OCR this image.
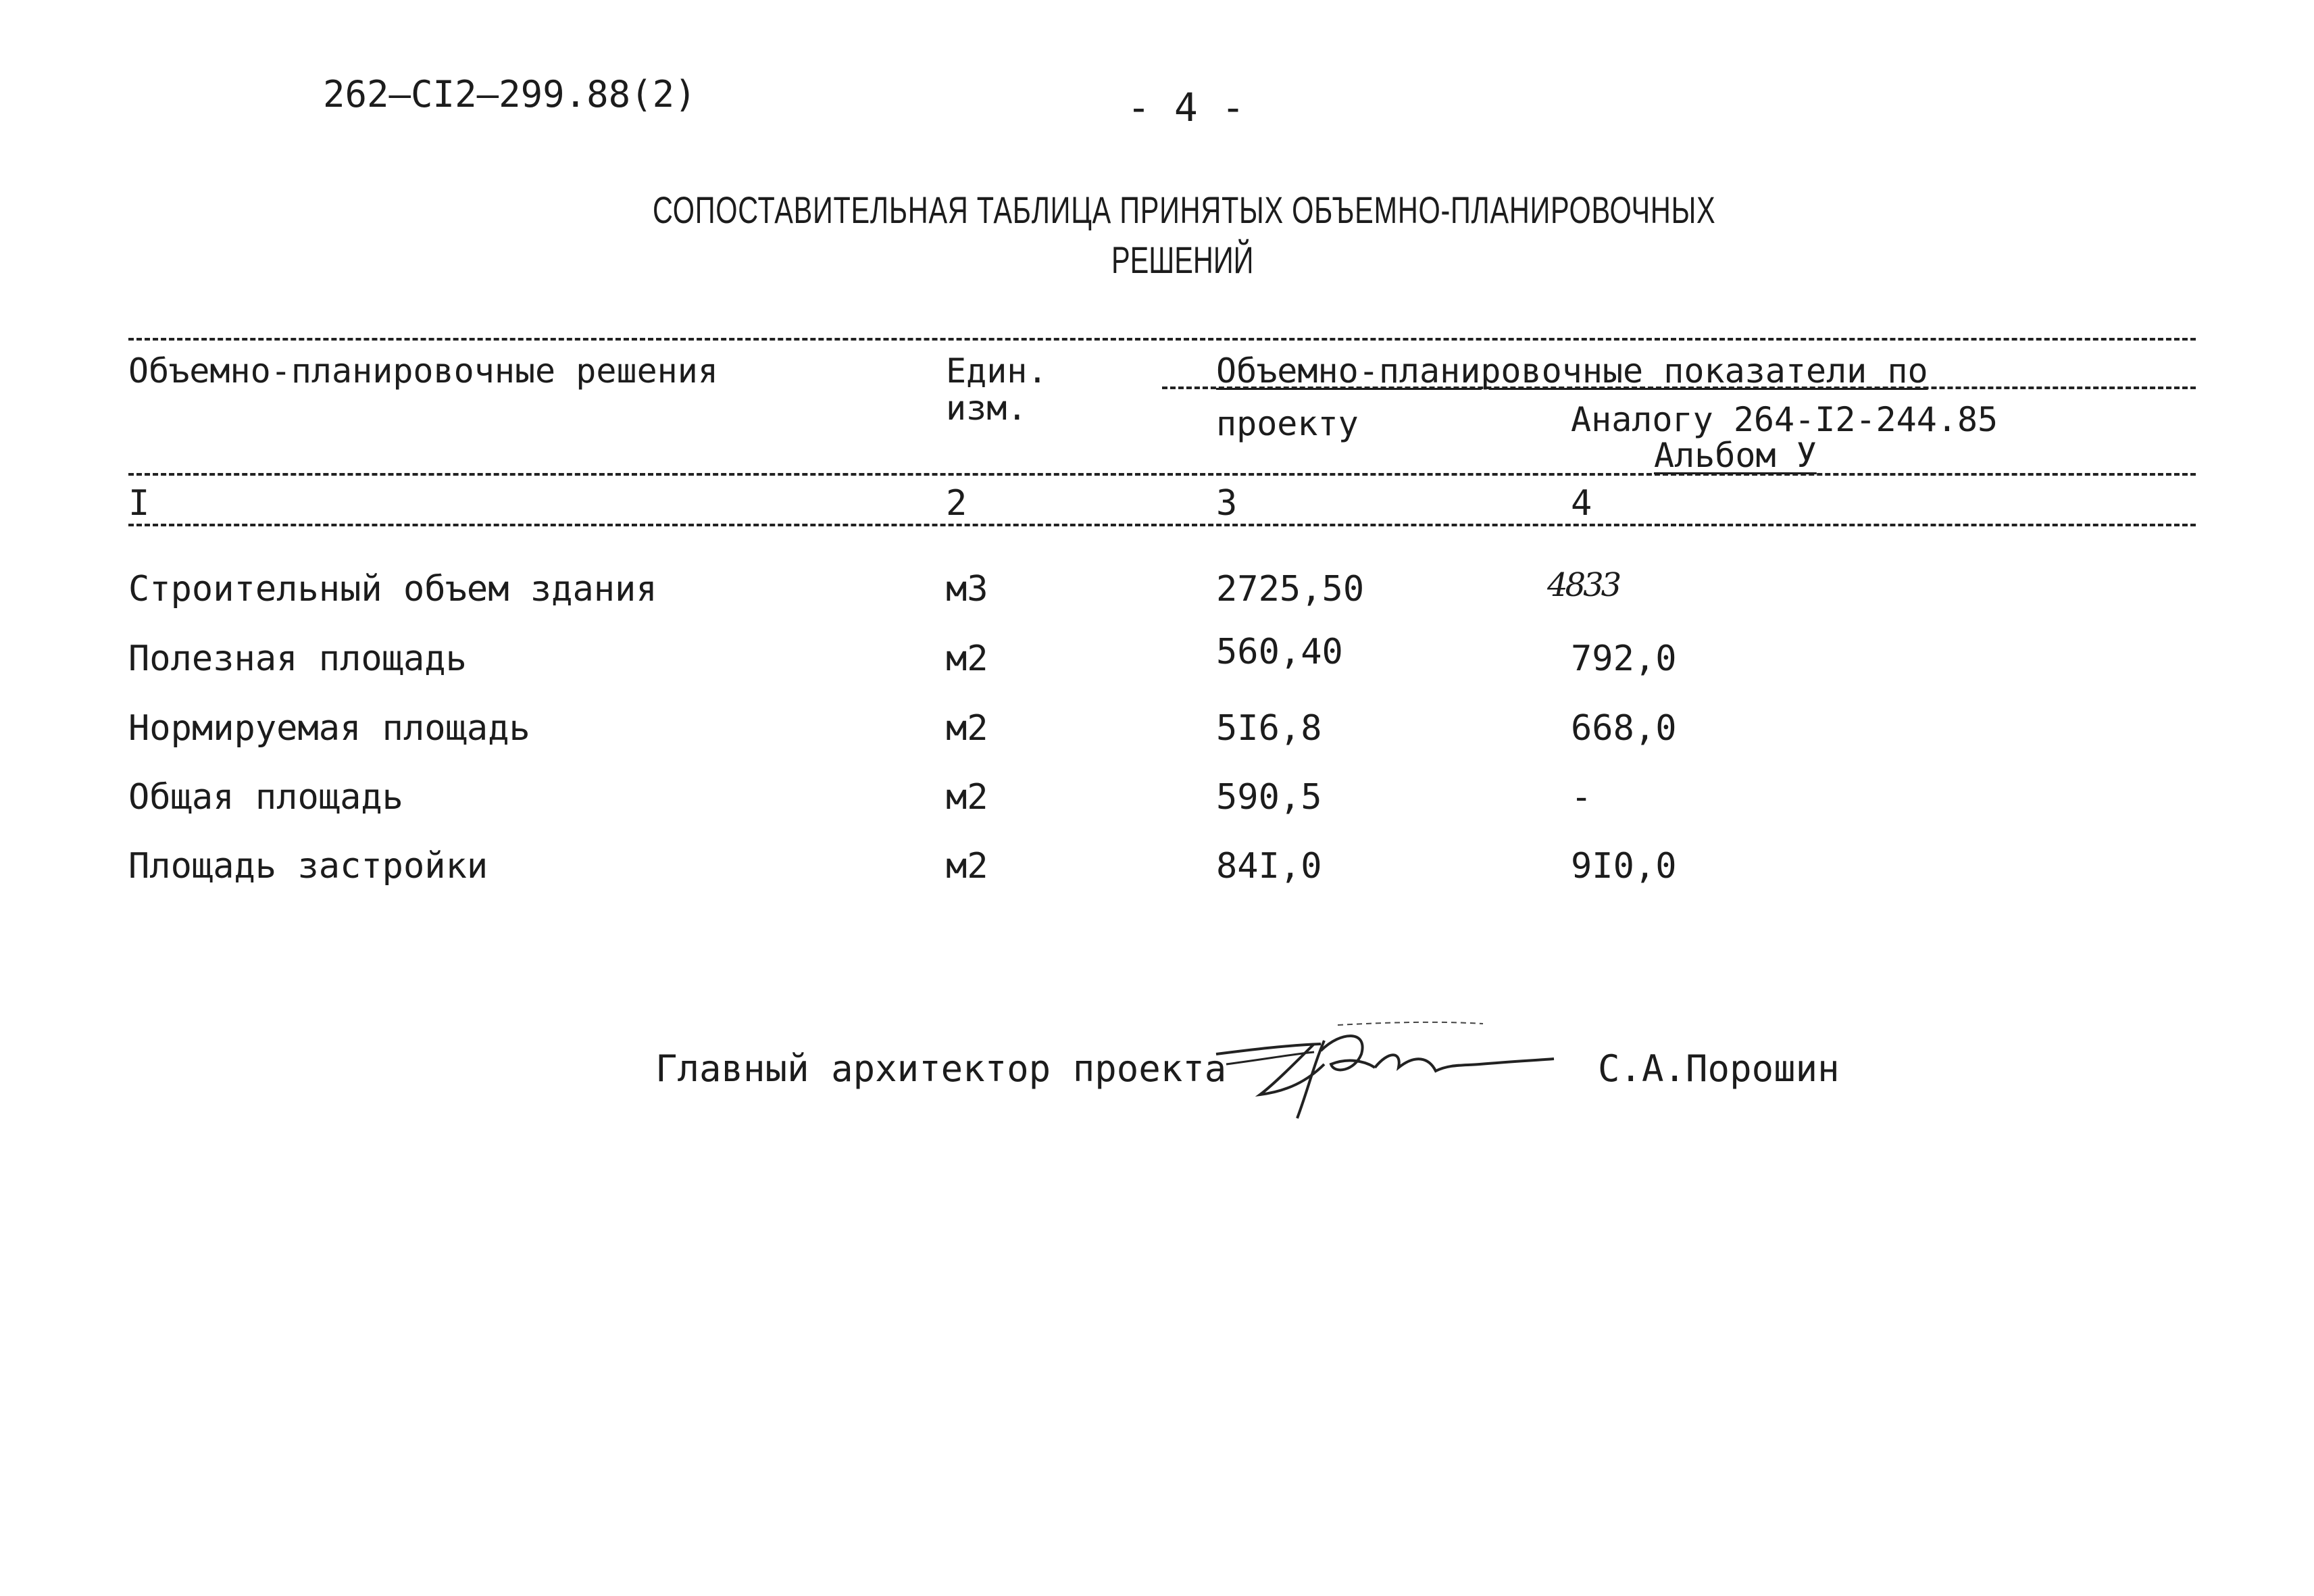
262–CI2–299.88(2)	- 4 -
СОПОСТАВИТЕЛЬНАЯ ТАБЛИЦА ПРИНЯТЫХ ОБЪЕМНО-ПЛАНИРОВОЧНЫХ
РЕШЕНИЙ
Объемно-планировочные решения	Един.
изм.
Объемно-планировочные показатели по
проекту	Аналогу 264-I2-244.85
Альбом У
I	2	3	4
Строительный объем здания	м3	2725,50	4833
Полезная площадь	м2	560,40	792,0
Нормируемая площадь	м2	5I6,8	668,0
Общая площадь	м2	590,5	-
Площадь застройки	м2	84I,0	9I0,0
Главный архитектор проекта	С.А.Порошин
